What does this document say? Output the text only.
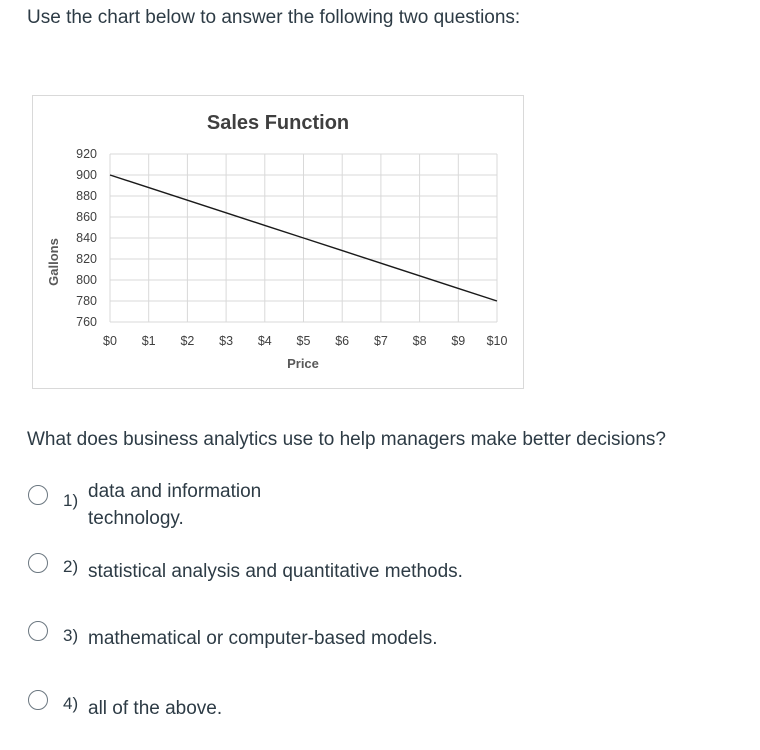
Use the chart below to answer the following two questions:
Sales Function
760
780
800
820
840
860
880
900
920
$0 $1 $2 $3 $4 $5 $6 $7 $8 $9 $10
Price
Gallons
What does business analytics use to help managers make better decisions?
1) data and information
technology.
2) statistical analysis and quantitative methods.
3) mathematical or computer-based models.
4) all of the above.
